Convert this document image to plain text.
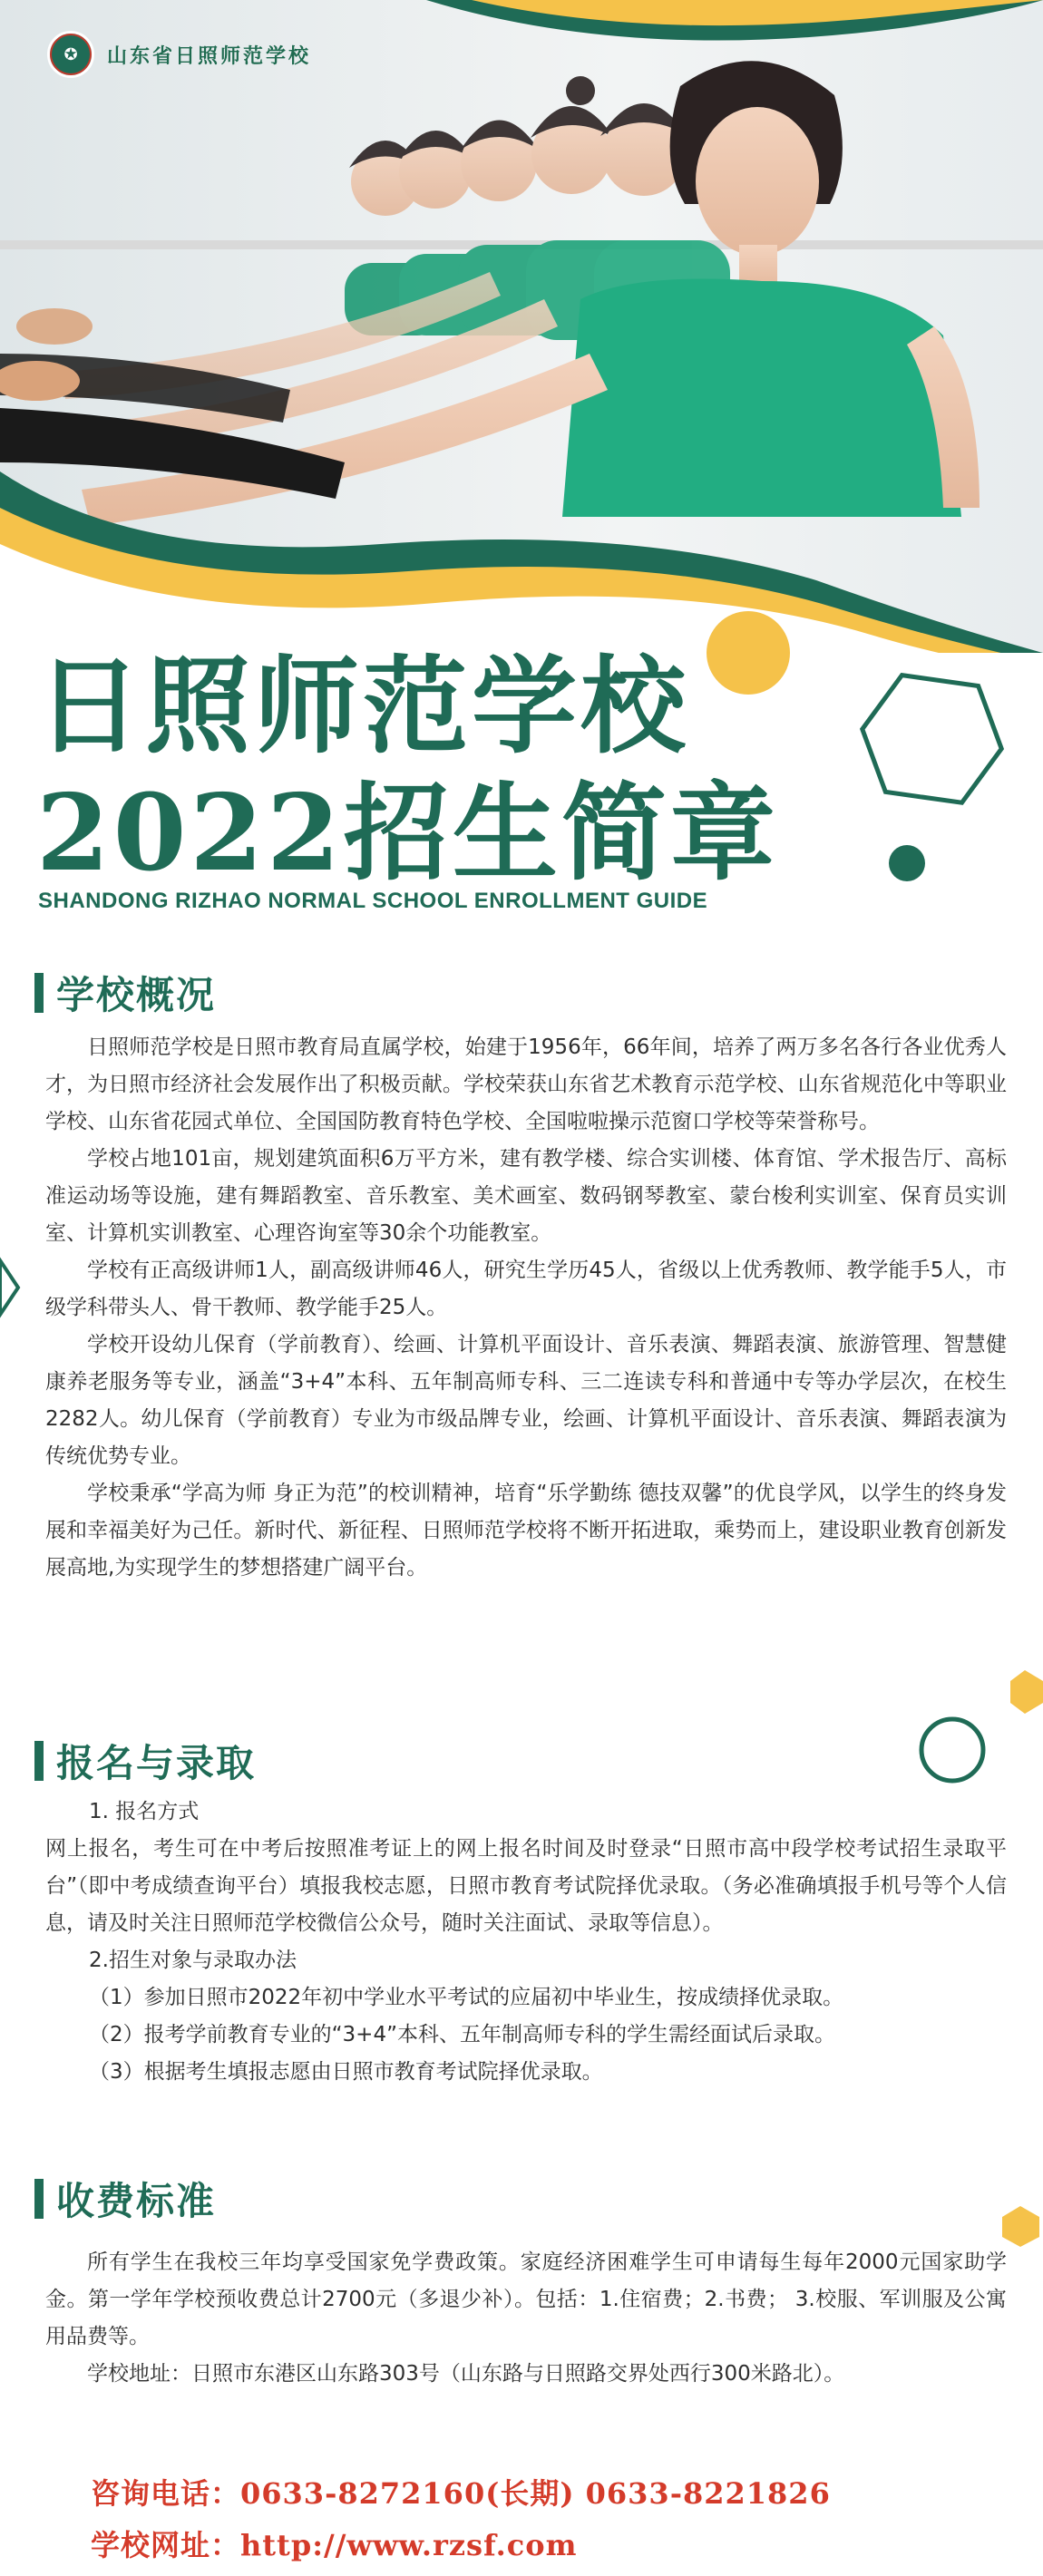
✪	山东省日照师范学校
日照师范学校
2022招生简章
SHANDONG RIZHAO NORMAL SCHOOL ENROLLMENT GUIDE
学校概况

日照师范学校是日照市教育局直属学校，始建于1956年，66年间，培养了两万多名各行各业优秀人才，为日照市经济社会发展作出了积极贡献。学校荣获山东省艺术教育示范学校、山东省规范化中等职业学校、山东省花园式单位、全国国防教育特色学校、全国啦啦操示范窗口学校等荣誉称号。

学校占地101亩，规划建筑面积6万平方米，建有教学楼、综合实训楼、体育馆、学术报告厅、高标准运动场等设施，建有舞蹈教室、音乐教室、美术画室、数码钢琴教室、蒙台梭利实训室、保育员实训室、计算机实训教室、心理咨询室等30余个功能教室。

学校有正高级讲师1人，副高级讲师46人，研究生学历45人，省级以上优秀教师、教学能手5人，市级学科带头人、骨干教师、教学能手25人。

学校开设幼儿保育（学前教育）、绘画、计算机平面设计、音乐表演、舞蹈表演、旅游管理、智慧健康养老服务等专业，涵盖“3+4”本科、五年制高师专科、三二连读专科和普通中专等办学层次，在校生2282人。幼儿保育（学前教育）专业为市级品牌专业，绘画、计算机平面设计、音乐表演、舞蹈表演为传统优势专业。

学校秉承“学高为师 身正为范”的校训精神，培育“乐学勤练 德技双馨”的优良学风，以学生的终身发展和幸福美好为己任。新时代、新征程、日照师范学校将不断开拓进取，乘势而上，建设职业教育创新发展高地,为实现学生的梦想搭建广阔平台。

报名与录取

1. 报名方式

网上报名，考生可在中考后按照准考证上的网上报名时间及时登录“日照市高中段学校考试招生录取平台”（即中考成绩查询平台）填报我校志愿，日照市教育考试院择优录取。（务必准确填报手机号等个人信息，请及时关注日照师范学校微信公众号，随时关注面试、录取等信息）。

2.招生对象与录取办法

（1）参加日照市2022年初中学业水平考试的应届初中毕业生，按成绩择优录取。

（2）报考学前教育专业的“3+4”本科、五年制高师专科的学生需经面试后录取。

（3）根据考生填报志愿由日照市教育考试院择优录取。

收费标准

所有学生在我校三年均享受国家免学费政策。家庭经济困难学生可申请每生每年2000元国家助学金。第一学年学校预收费总计2700元（多退少补）。包括：1.住宿费；2.书费； 3.校服、军训服及公寓用品费等。

学校地址：日照市东港区山东路303号（山东路与日照路交界处西行300米路北）。

咨询电话：0633-8272160(长期) 0633-8221826
学校网址：http://www.rzsf.com
